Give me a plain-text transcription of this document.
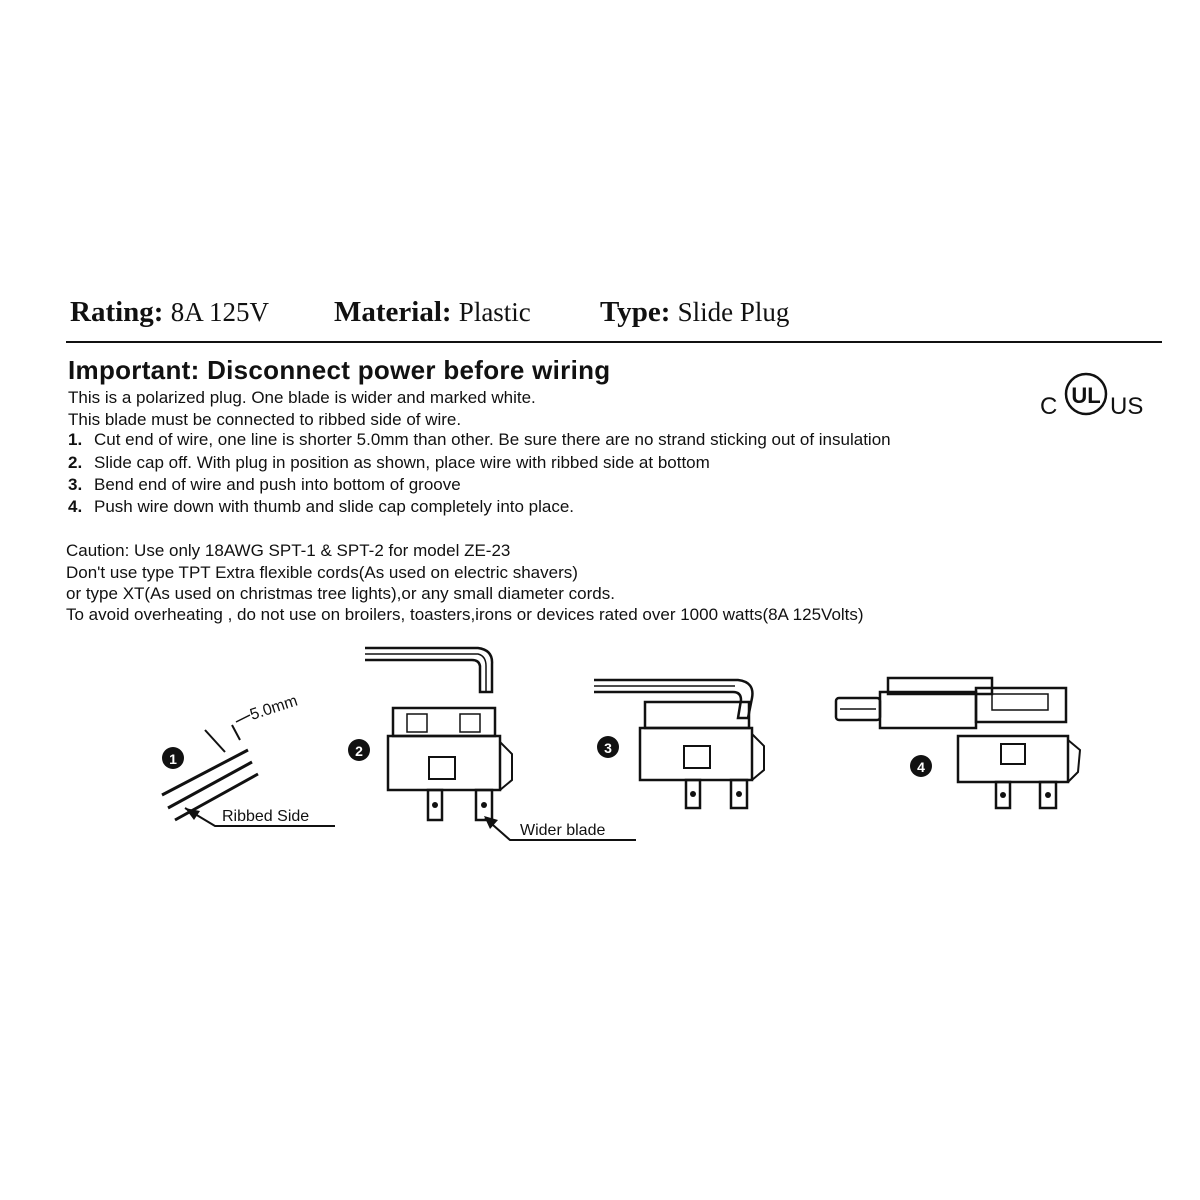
Rating: 8A 125V Material: Plastic Type: Slide Plug
Important: Disconnect power before wiring
This is a polarized plug. One blade is wider and marked white.
This blade must be connected to ribbed side of wire.
1. Cut end of wire, one line is shorter 5.0mm than other. Be sure there are no strand sticking out of insulation
2. Slide cap off. With plug in position as shown, place wire with ribbed side at bottom
3. Bend end of wire and push into bottom of groove
4. Push wire down with thumb and slide cap completely into place.
Caution: Use only 18AWG SPT-1 & SPT-2 for model ZE-23
Don't use type TPT Extra flexible cords(As used on electric shavers)
or type XT(As used on christmas tree lights),or any small diameter cords.
To avoid overheating , do not use on broilers, toasters,irons or devices rated over 1000 watts(8A 125Volts)
C UL US
5.0mm
1
Ribbed Side
2
Wider blade
3
4
